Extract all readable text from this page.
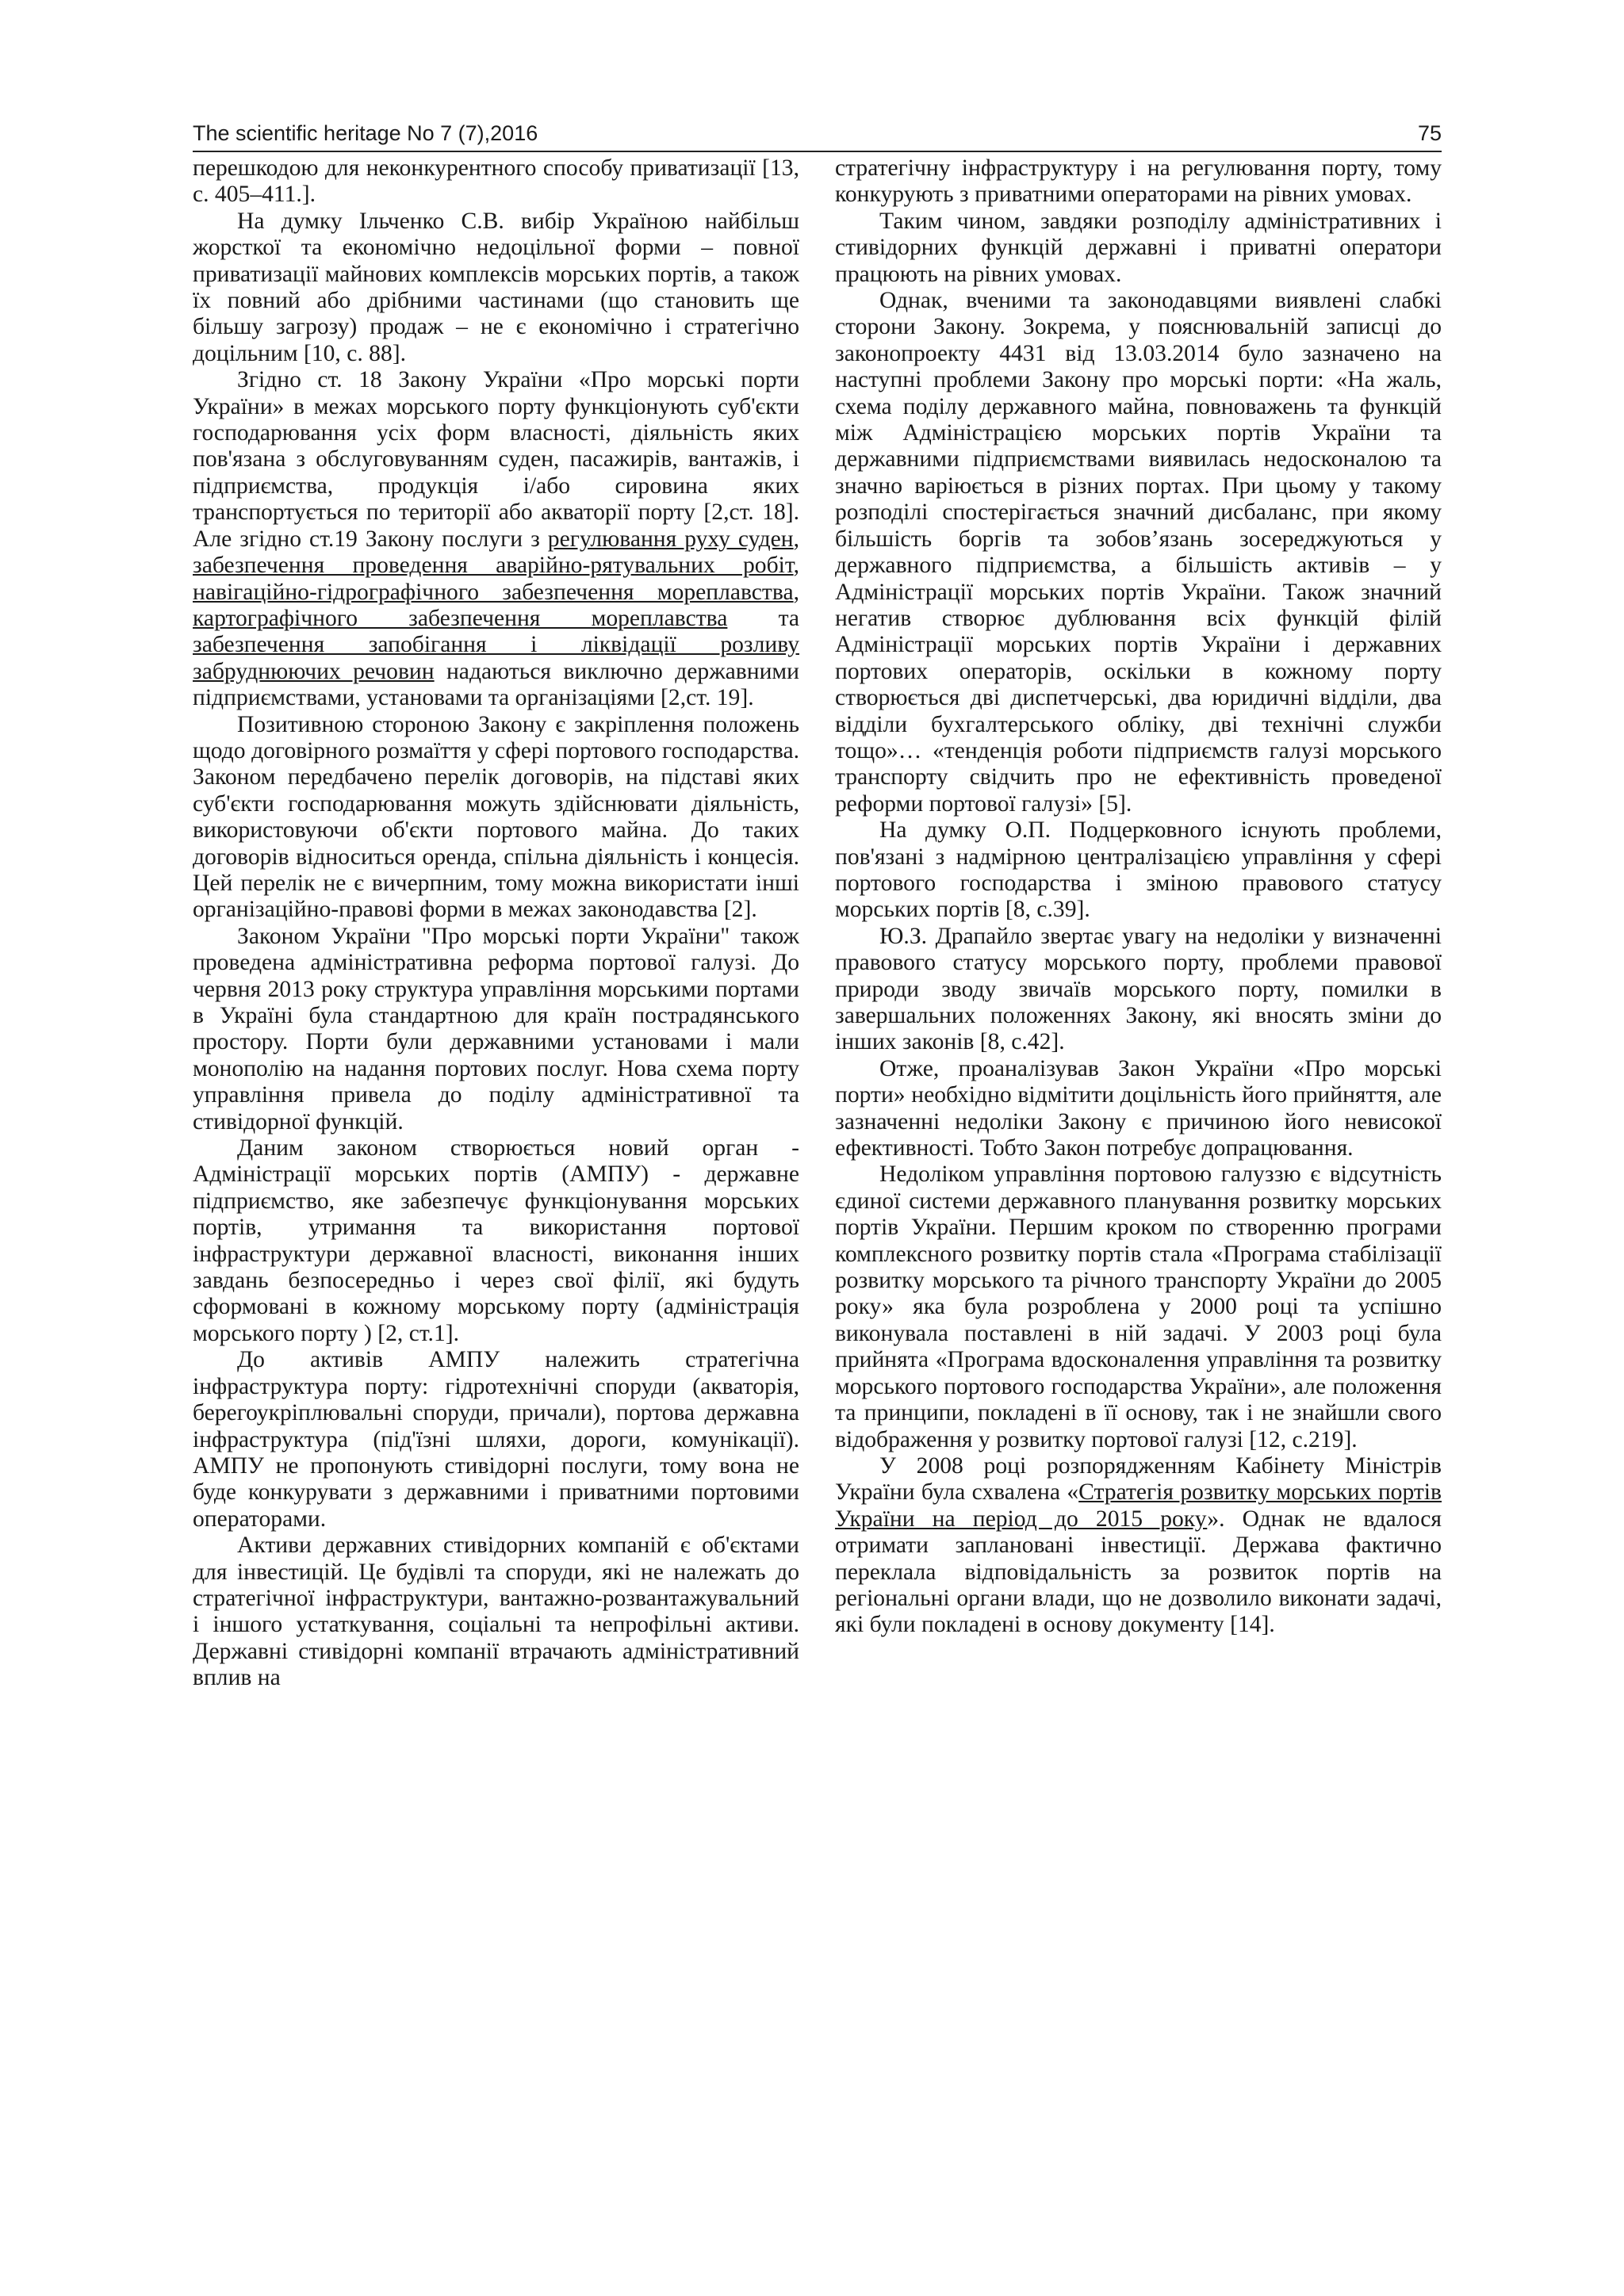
The scientific heritage No 7 (7),2016	75

перешкодою для неконкурентного способу приватизації [13, с. 405–411.].

На думку Ільченко С.В. вибір Україною найбільш жорсткої та економічно недоцільної форми – повної приватизації майнових комплексів морських портів, а також їх повний або дрібними частинами (що становить ще більшу загрозу) продаж – не є економічно і стратегічно доцільним [10, с. 88].

Згідно ст. 18 Закону України «Про морські порти України» в межах морського порту функціонують суб'єкти господарювання усіх форм власності, діяльність яких пов'язана з обслуговуванням суден, пасажирів, вантажів, і підприємства, продукція і/або сировина яких транспортується по території або акваторії порту [2,ст. 18]. Але згідно ст.19 Закону послуги з регулювання руху суден, забезпечення проведення аварійно-рятувальних робіт, навігаційно-гідрографічного забезпечення мореплавства, картографічного забезпечення мореплавства та забезпечення запобігання і ліквідації розливу забруднюючих речовин надаються виключно державними підприємствами, установами та організаціями [2,ст. 19].

Позитивною стороною Закону є закріплення положень щодо договірного розмаїття у сфері портового господарства. Законом передбачено перелік договорів, на підставі яких суб'єкти господарювання можуть здійснювати діяльність, використовуючи об'єкти портового майна. До таких договорів відноситься оренда, спільна діяльність і концесія. Цей перелік не є вичерпним, тому можна використати інші організаційно-правові форми в межах законодавства [2].

Законом України "Про морські порти України" також проведена адміністративна реформа портової галузі. До червня 2013 року структура управління морськими портами в Україні була стандартною для країн пострадянського простору. Порти були державними установами і мали монополію на надання портових послуг. Нова схема порту управління привела до поділу адміністративної та стивідорної функцій.

Даним законом створюється новий орган - Адміністрації морських портів (АМПУ) - державне підприємство, яке забезпечує функціонування морських портів, утримання та використання портової інфраструктури державної власності, виконання інших завдань безпосередньо і через свої філії, які будуть сформовані в кожному морському порту (адміністрація морського порту ) [2, ст.1].

До активів АМПУ належить стратегічна інфраструктура порту: гідротехнічні споруди (акваторія, берегоукріплювальні споруди, причали), портова державна інфраструктура (під'їзні шляхи, дороги, комунікації). АМПУ не пропонують стивідорні послуги, тому вона не буде конкурувати з державними і приватними портовими операторами.

Активи державних стивідорних компаній є об'єктами для інвестицій. Це будівлі та споруди, які не належать до стратегічної інфраструктури, вантажно-розвантажувальний і іншого устаткування, соціальні та непрофільні активи. Державні стивідорні компанії втрачають адміністративний вплив на

стратегічну інфраструктуру і на регулювання порту, тому конкурують з приватними операторами на рівних умовах.

Таким чином, завдяки розподілу адміністративних і стивідорних функцій державні і приватні оператори працюють на рівних умовах.

Однак, вченими та законодавцями виявлені слабкі сторони Закону. Зокрема, у пояснювальній записці до законопроекту 4431 від 13.03.2014 було зазначено на наступні проблеми Закону про морські порти: «На жаль, схема поділу державного майна, повноважень та функцій між Адміністрацією морських портів України та державними підприємствами виявилась недосконалою та значно варіюється в різних портах. При цьому у такому розподілі спостерігається значний дисбаланс, при якому більшість боргів та зобов’язань зосереджуються у державного підприємства, а більшість активів – у Адміністрації морських портів України. Також значний негатив створює дублювання всіх функцій філій Адміністрації морських портів України і державних портових операторів, оскільки в кожному порту створюється дві диспетчерські, два юридичні відділи, два відділи бухгалтерського обліку, дві технічні служби тощо»… «тенденція роботи підприємств галузі морського транспорту свідчить про не ефективність проведеної реформи портової галузі» [5].

На думку О.П. Подцерковного існують проблеми, пов'язані з надмірною централізацією управління у сфері портового господарства і зміною правового статусу морських портів [8, с.39].

Ю.З. Драпайло звертає увагу на недоліки у визначенні правового статусу морського порту, проблеми правової природи зводу звичаїв морського порту, помилки в завершальних положеннях Закону, які вносять зміни до інших законів [8, с.42].

Отже, проаналізував Закон України «Про морські порти» необхідно відмітити доцільність його прийняття, але зазначенні недоліки Закону є причиною його невисокої ефективності. Тобто Закон потребує допрацювання.

Недоліком управління портовою галуззю є відсутність єдиної системи державного планування розвитку морських портів України. Першим кроком по створенню програми комплексного розвитку портів стала «Програма стабілізації розвитку морського та річного транспорту України до 2005 року» яка була розроблена у 2000 році та успішно виконувала поставлені в ній задачі. У 2003 році була прийнята «Програма вдосконалення управління та розвитку морського портового господарства України», але положення та принципи, покладені в її основу, так і не знайшли свого відображення у розвитку портової галузі [12, с.219].

У 2008 році розпорядженням Кабінету Міністрів України була схвалена «Стратегія розвитку морських портів України на період до 2015 року». Однак не вдалося отримати заплановані інвестиції. Держава фактично переклала відповідальність за розвиток портів на регіональні органи влади, що не дозволило виконати задачі, які були покладені в основу документу [14].
